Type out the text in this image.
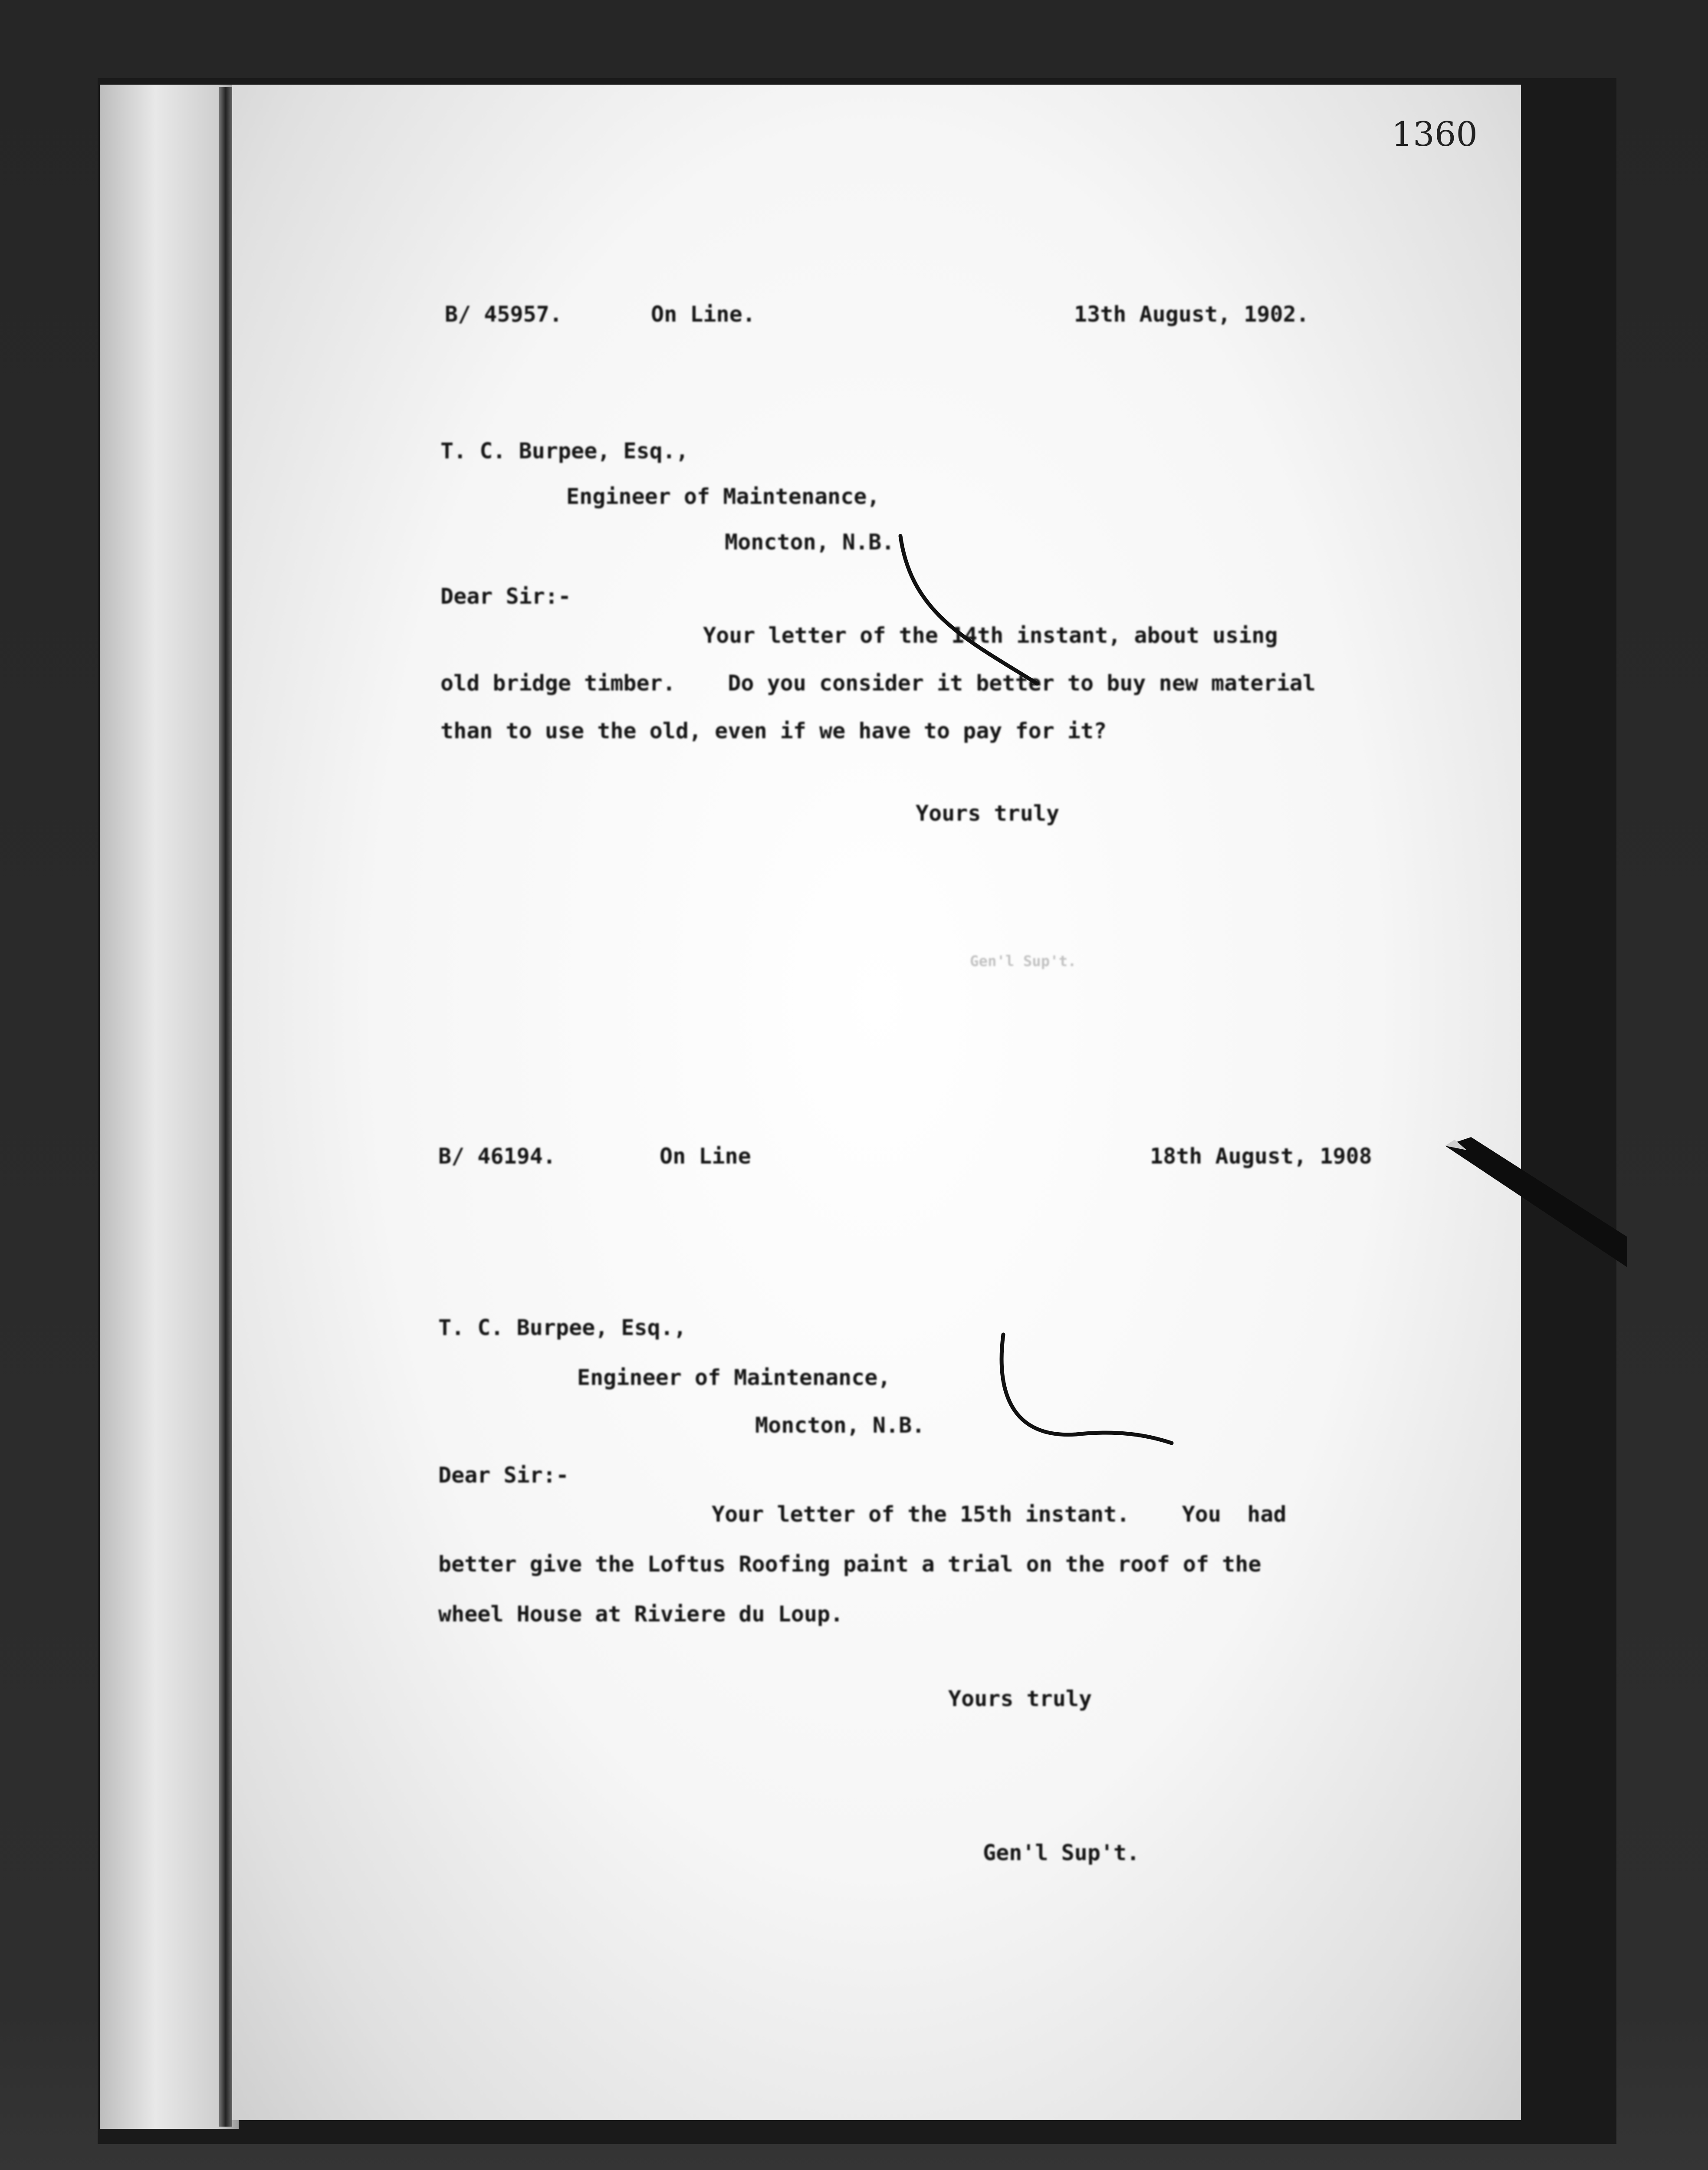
1360
B/ 45957.	On Line.	13th August, 1902.
T. C. Burpee, Esq.,
Engineer of Maintenance,
Moncton, N.B.
Dear Sir:-
Your letter of the 14th instant, about using
old bridge timber.    Do you consider it better to buy new material
than to use the old, even if we have to pay for it?
Yours truly
Gen'l Sup't.
B/ 46194.	On Line	18th August, 1908
T. C. Burpee, Esq.,
Engineer of Maintenance,
Moncton, N.B.
Dear Sir:-
Your letter of the 15th instant.    You  had
better give the Loftus Roofing paint a trial on the roof of the
wheel House at Riviere du Loup.
Yours truly
Gen'l Sup't.
